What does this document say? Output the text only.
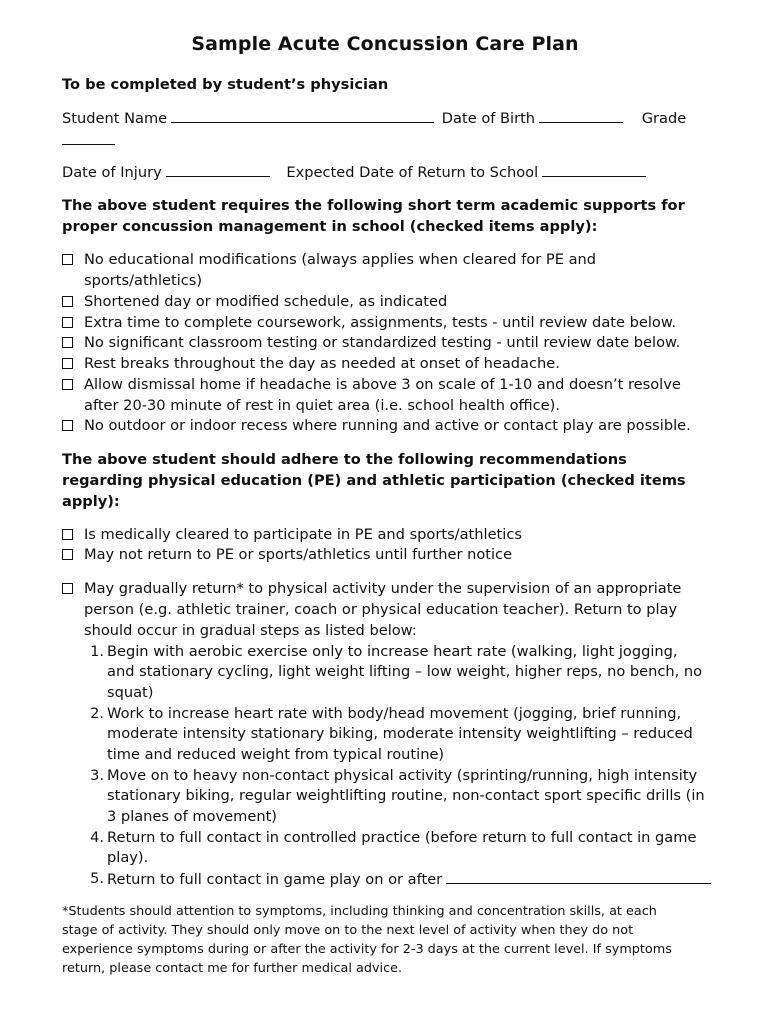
Sample Acute Concussion Care Plan
To be completed by student’s physician
Student Name	Date of Birth	Grade
Date of Injury	Expected Date of Return to School
The above student requires the following short term academic supports for
proper concussion management in school (checked items apply):
No educational modifications (always applies when cleared for PE and
sports/athletics)
Shortened day or modified schedule, as indicated
Extra time to complete coursework, assignments, tests - until review date below.
No significant classroom testing or standardized testing - until review date below.
Rest breaks throughout the day as needed at onset of headache.
Allow dismissal home if headache is above 3 on scale of 1-10 and doesn’t resolve
after 20-30 minute of rest in quiet area (i.e. school health office).
No outdoor or indoor recess where running and active or contact play are possible.
The above student should adhere to the following recommendations
regarding physical education (PE) and athletic participation (checked items
apply):
Is medically cleared to participate in PE and sports/athletics
May not return to PE or sports/athletics until further notice
May gradually return* to physical activity under the supervision of an appropriate
person (e.g. athletic trainer, coach or physical education teacher). Return to play
should occur in gradual steps as listed below:
1. Begin with aerobic exercise only to increase heart rate (walking, light jogging,
and stationary cycling, light weight lifting – low weight, higher reps, no bench, no
squat)
2. Work to increase heart rate with body/head movement (jogging, brief running,
moderate intensity stationary biking, moderate intensity weightlifting – reduced
time and reduced weight from typical routine)
3. Move on to heavy non-contact physical activity (sprinting/running, high intensity
stationary biking, regular weightlifting routine, non-contact sport specific drills (in
3 planes of movement)
4. Return to full contact in controlled practice (before return to full contact in game
play).
5. Return to full contact in game play on or after
*Students should attention to symptoms, including thinking and concentration skills, at each
stage of activity. They should only move on to the next level of activity when they do not
experience symptoms during or after the activity for 2-3 days at the current level. If symptoms
return, please contact me for further medical advice.
